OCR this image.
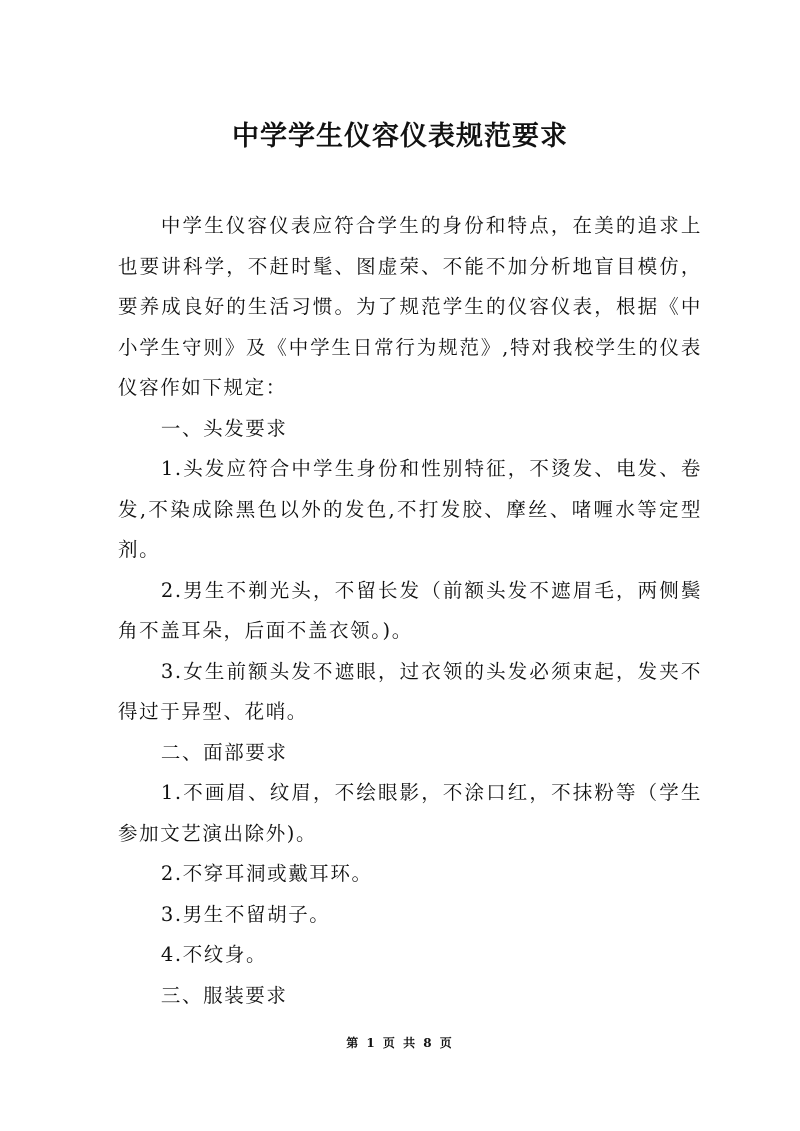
中学学生仪容仪表规范要求

中学生仪容仪表应符合学生的身份和特点，在美的追求上也要讲科学，不赶时髦、图虚荣、不能不加分析地盲目模仿，要养成良好的生活习惯。为了规范学生的仪容仪表，根据《中小学生守则》及《中学生日常行为规范》,特对我校学生的仪表仪容作如下规定：

一、头发要求

1.头发应符合中学生身份和性别特征，不烫发、电发、卷发,不染成除黑色以外的发色,不打发胶、摩丝、啫喱水等定型剂。

2.男生不剃光头，不留长发（前额头发不遮眉毛，两侧鬓角不盖耳朵，后面不盖衣领。)。

3.女生前额头发不遮眼，过衣领的头发必须束起，发夹不得过于异型、花哨。

二、面部要求

1.不画眉、纹眉，不绘眼影，不涂口红，不抹粉等（学生参加文艺演出除外)。

2.不穿耳洞或戴耳环。

3.男生不留胡子。

4.不纹身。

三、服装要求

第 1 页 共 8 页
